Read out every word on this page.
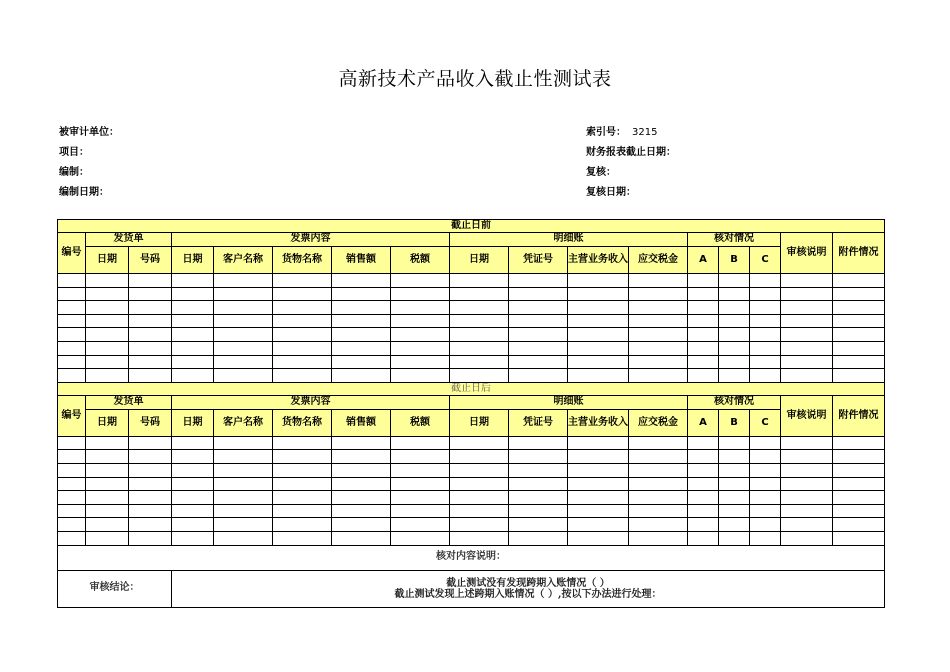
高新技术产品收入截止性测试表
被审计单位：
项目：
编制：
编制日期：
索引号： 3215
财务报表截止日期：
复核：
复核日期：
截止日前																
编号	发货单		发票内容					明细账				核对情况			审核说明	附件情况
	日期	号码	日期	客户名称	货物名称	销售额	税额	日期	凭证号	主营业务收入	应交税金	A	B	C		

截止日后																
编号	发货单		发票内容					明细账				核对情况			审核说明	附件情况
	日期	号码	日期	客户名称	货物名称	销售额	税额	日期	凭证号	主营业务收入	应交税金	A	B	C		

核对内容说明：																
审核结论：			截止测试没有发现跨期入账情况（ ）
截止测试发现上述跨期入账情况（ ）,按以下办法进行处理：													
